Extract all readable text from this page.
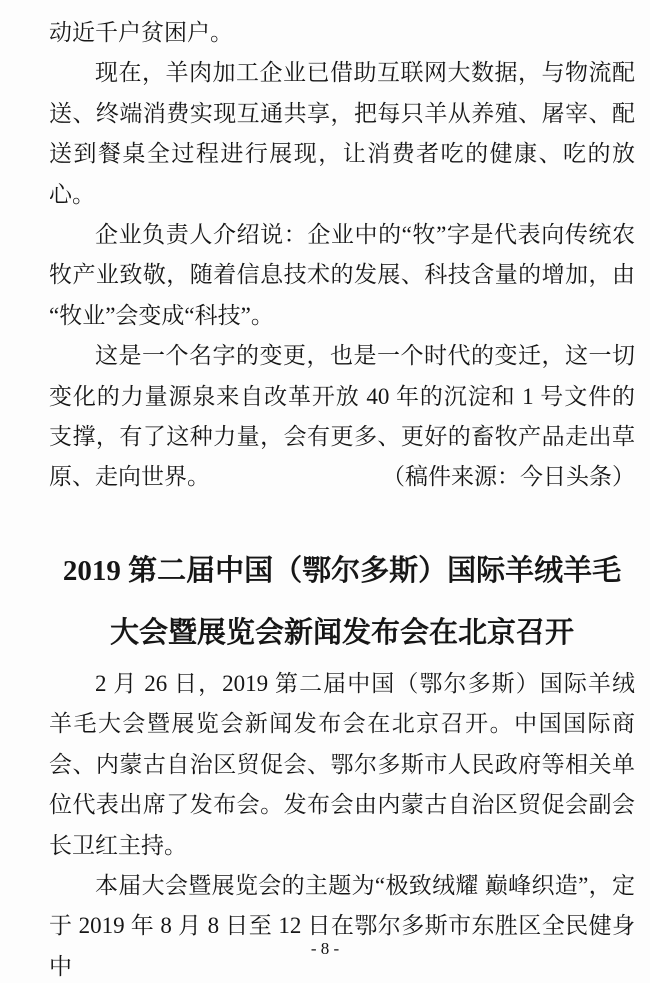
动近千户贫困户。

现在，羊肉加工企业已借助互联网大数据，与物流配送、终端消费实现互通共享，把每只羊从养殖、屠宰、配送到餐桌全过程进行展现，让消费者吃的健康、吃的放心。

企业负责人介绍说：企业中的“牧”字是代表向传统农牧产业致敬，随着信息技术的发展、科技含量的增加，由“牧业”会变成“科技”。

这是一个名字的变更，也是一个时代的变迁，这一切变化的力量源泉来自改革开放 40 年的沉淀和 1 号文件的支撑，有了这种力量，会有更多、更好的畜牧产品走出草原、走向世界。	（稿件来源：今日头条）

2019 第二届中国（鄂尔多斯）国际羊绒羊毛
大会暨展览会新闻发布会在北京召开

2 月 26 日，2019 第二届中国（鄂尔多斯）国际羊绒羊毛大会暨展览会新闻发布会在北京召开。中国国际商会、内蒙古自治区贸促会、鄂尔多斯市人民政府等相关单位代表出席了发布会。发布会由内蒙古自治区贸促会副会长卫红主持。

本届大会暨展览会的主题为“极致绒耀 巅峰织造”，定于 2019 年 8 月 8 日至 12 日在鄂尔多斯市东胜区全民健身中

- 8 -
